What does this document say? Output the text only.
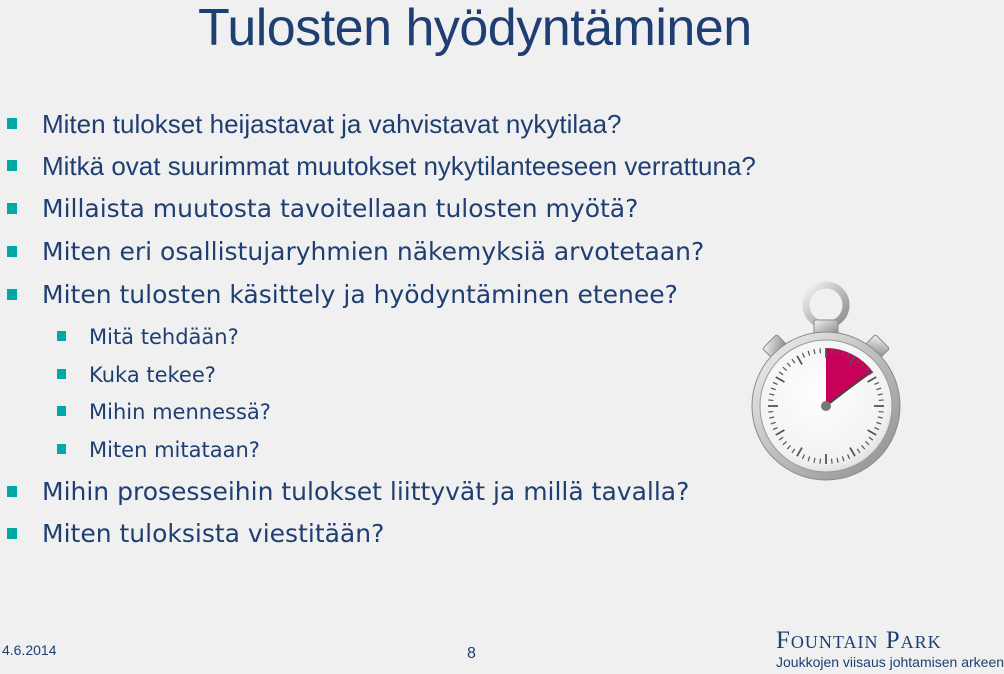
Tulosten hyödyntäminen
Miten tulokset heijastavat ja vahvistavat nykytilaa?
Mitkä ovat suurimmat muutokset nykytilanteeseen verrattuna?
Millaista muutosta tavoitellaan tulosten myötä?
Miten eri osallistujaryhmien näkemyksiä arvotetaan?
Miten tulosten käsittely ja hyödyntäminen etenee?
Mitä tehdään?
Kuka tekee?
Mihin mennessä?
Miten mitataan?
Mihin prosesseihin tulokset liittyvät ja millä tavalla?
Miten tuloksista viestitään?
4.6.2014	8	Fountain Park
Joukkojen viisaus johtamisen arkeen
